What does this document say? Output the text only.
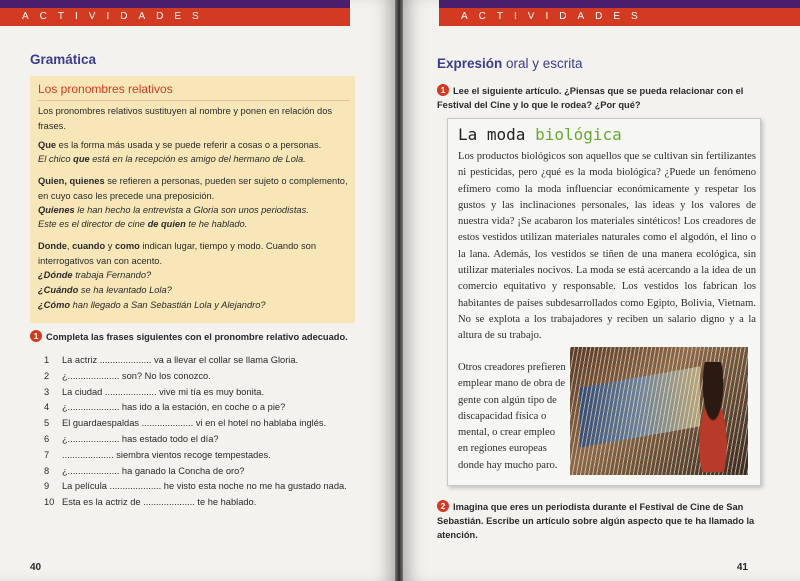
ACTIVIDADES
Gramática
Los pronombres relativos

Los pronombres relativos sustituyen al nombre y ponen en relación dos frases.

Que es la forma más usada y se puede referir a cosas o a personas.

El chico que está en la recepción es amigo del hermano de Lola.

Quien, quienes se refieren a personas, pueden ser sujeto o complemento, en cuyo caso les precede una preposición.

Quienes le han hecho la entrevista a Gloria son unos periodistas.

Este es el director de cine de quien te he hablado.

Donde, cuando y como indican lugar, tiempo y modo. Cuando son interrogativos van con acento.

¿Dónde trabaja Fernando?

¿Cuándo se ha levantado Lola?

¿Cómo han llegado a San Sebastián Lola y Alejandro?

1 Completa las frases siguientes con el pronombre relativo adecuado.
1 La actriz .................... va a llevar el collar se llama Gloria.
2 ¿.................... son? No los conozco.
3 La ciudad .................... vive mi tía es muy bonita.
4 ¿.................... has ido a la estación, en coche o a pie?
5 El guardaespaldas .................... vi en el hotel no hablaba inglés.
6 ¿.................... has estado todo el día?
7 .................... siembra vientos recoge tempestades.
8 ¿.................... ha ganado la Concha de oro?
9 La película .................... he visto esta noche no me ha gustado nada.
10 Esta es la actriz de .................... te he hablado.
40
ACTIVIDADES
Expresión oral y escrita
1 Lee el siguiente artículo. ¿Piensas que se pueda relacionar con el Festival del Cine y lo que le rodea? ¿Por qué?
2 Imagina que eres un periodista durante el Festival de Cine de San Sebastián. Escribe un artículo sobre algún aspecto que te ha llamado la atención.
41
La moda biológica
Los productos biológicos son aquellos que se cultivan sin fertilizantes ni pesticidas, pero ¿qué es la moda biológica? ¿Puede un fenómeno efímero como la moda influenciar económicamente y respetar los gustos y las inclinaciones personales, las ideas y los valores de nuestra vida? ¡Se acabaron los materiales sintéticos! Los creadores de estos vestidos utilizan materiales naturales como el algodón, el lino o la lana. Además, los vestidos se tiñen de una manera ecológica, sin utilizar materiales nocivos. La moda se está acercando a la idea de un comercio equitativo y responsable. Los vestidos los fabrican los habitantes de países subdesarrollados como Egipto, Bolivia, Vietnam. No se explota a los trabajadores y reciben un salario digno y a la altura de su trabajo.
Otros creadores prefieren emplear mano de obra de gente con algún tipo de discapacidad física o mental, o crear empleo en regiones europeas donde hay mucho paro.
